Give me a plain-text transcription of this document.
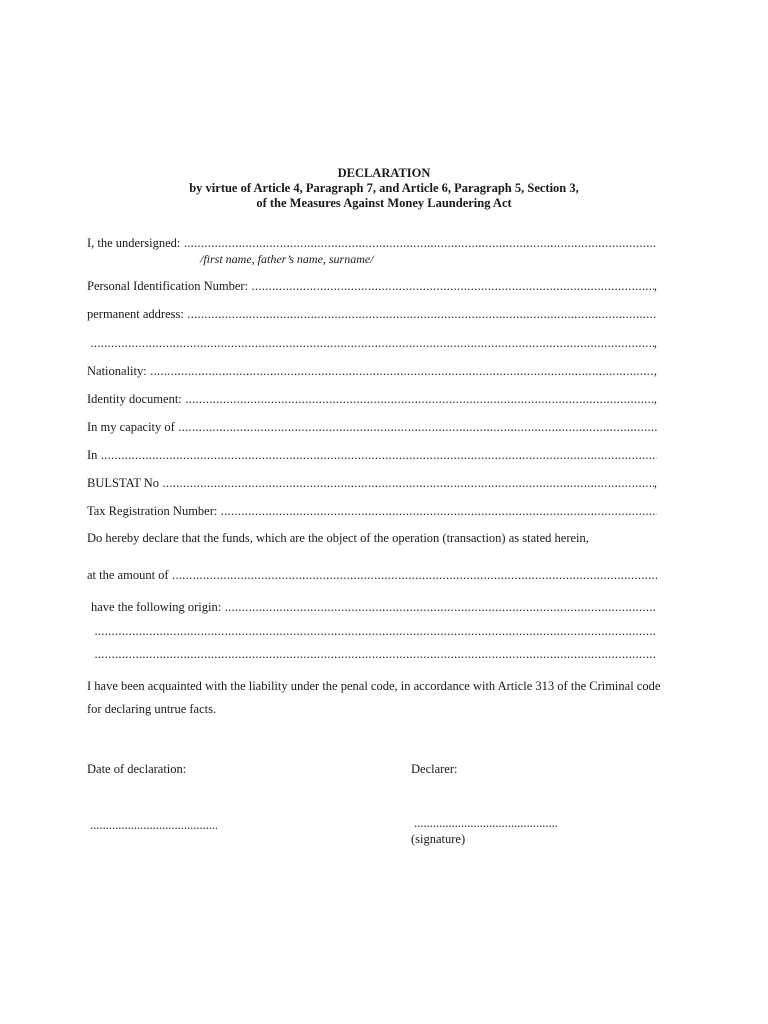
DECLARATION
by virtue of Article 4, Paragraph 7, and Article 6, Paragraph 5, Section 3,
of the Measures Against Money Laundering Act
I, the undersigned:
.....
/first name, father’s name, surname/
Personal Identification Number: .....	,
permanent address:
.....
.....
,
Nationality: .....	,
Identity document: .....	,
In my capacity of
.....
In
.....
BULSTAT No .....	,
Tax Registration Number:
.....
Do hereby declare that the funds, which are the object of the operation (transaction) as stated herein,
at the amount of
.....
have the following origin:
.....
.....
.....
I have been acquainted with the liability under the penal code, in accordance with Article 313 of the Criminal code for declaring untrue facts.
Date of declaration:	Declarer:
.....
.....
(signature)
